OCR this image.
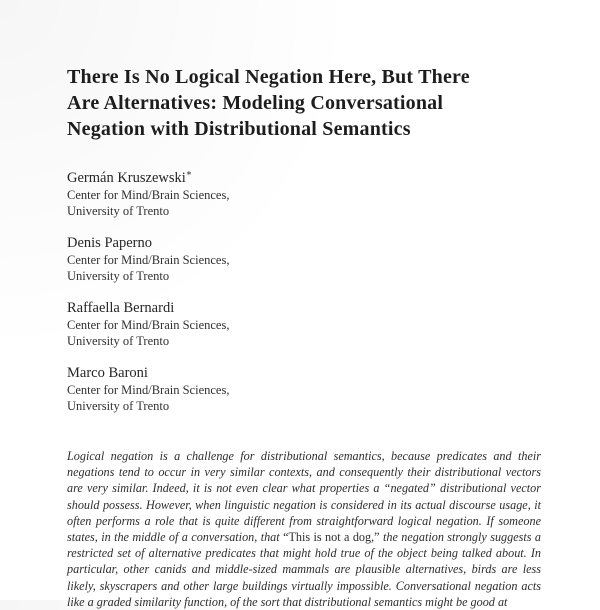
There Is No Logical Negation Here, But There
Are Alternatives: Modeling Conversational
Negation with Distributional Semantics
Germán Kruszewski∗
Center for Mind/Brain Sciences,
University of Trento
Denis Paperno
Center for Mind/Brain Sciences,
University of Trento
Raffaella Bernardi
Center for Mind/Brain Sciences,
University of Trento
Marco Baroni
Center for Mind/Brain Sciences,
University of Trento

Logical negation is a challenge for distributional semantics, because predicates and their negations tend to occur in very similar contexts, and consequently their distributional vectors are very similar. Indeed, it is not even clear what properties a “negated” distributional vector should possess. However, when linguistic negation is considered in its actual discourse usage, it often performs a role that is quite different from straightforward logical negation. If someone states, in the middle of a conversation, that “This is not a dog,” the negation strongly suggests a restricted set of alternative predicates that might hold true of the object being talked about. In particular, other canids and middle-sized mammals are plausible alternatives, birds are less likely, skyscrapers and other large buildings virtually impossible. Conversational negation acts like a graded similarity function, of the sort that distributional semantics might be good at
